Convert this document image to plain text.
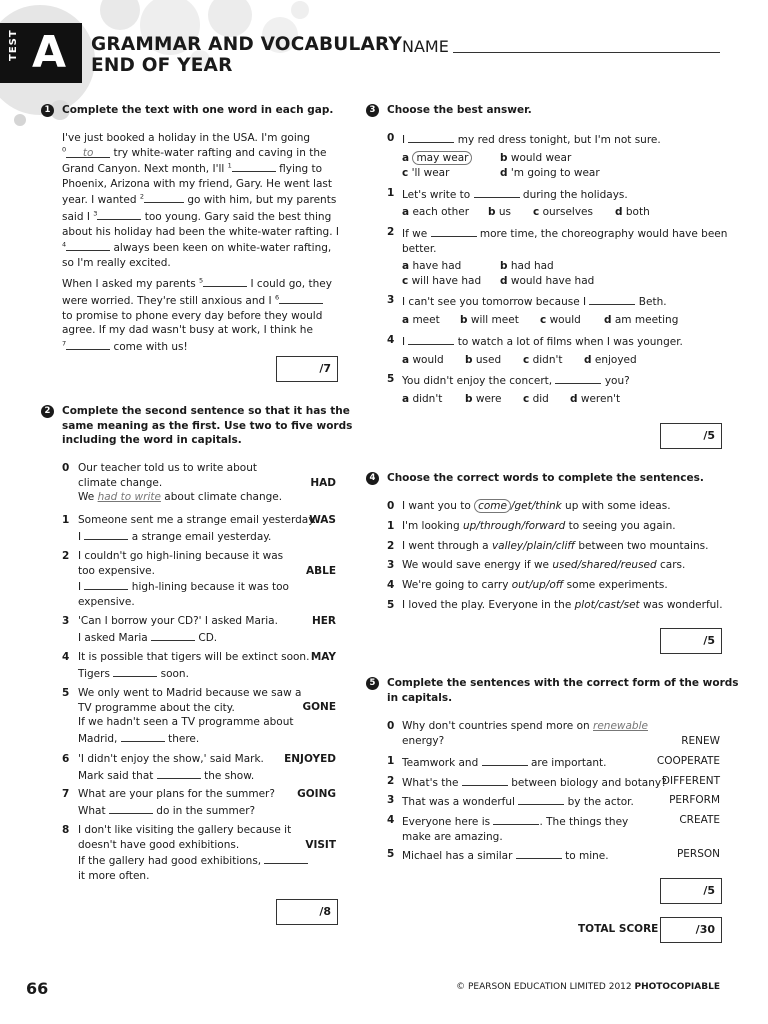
TEST A GRAMMAR AND VOCABULARY
END OF YEAR
NAME
1	Complete the text with one word in each gap.
I've just booked a holiday in the USA. I'm going
$^0$ to try white-water rafting and caving in the
Grand Canyon. Next month, I'll $^1$	flying to
Phoenix, Arizona with my friend, Gary. He went last
year. I wanted $^2$	go with him, but my parents
said I $^3$	too young. Gary said the best thing
about his holiday had been the white-water rafting. I
$^4$	always been keen on white-water rafting,
so I'm really excited.
When I asked my parents $^5$	I could go, they
were worried. They're still anxious and I $^6$
to promise to phone every day before they would
agree. If my dad wasn't busy at work, I think he
$^7$	come with us!
/7
2	Complete the second sentence so that it has the
same meaning as the first. Use two to five words
including the word in capitals.
0 Our teacher told us to write about
climate change.
We had to write about climate change.
HAD
1 Someone sent me a strange email yesterday.
I	a strange email yesterday.
WAS
2 I couldn't go high-lining because it was
too expensive.
I	high-lining because it was too
expensive.
ABLE
3 'Can I borrow your CD?' I asked Maria.
I asked Maria	CD.
HER
4 It is possible that tigers will be extinct soon.
Tigers	soon.
MAY
5 We only went to Madrid because we saw a
TV programme about the city.
If we hadn't seen a TV programme about
Madrid,	there.
GONE
6 'I didn't enjoy the show,' said Mark.
Mark said that	the show.
ENJOYED
7 What are your plans for the summer?
What	do in the summer?
GOING
8 I don't like visiting the gallery because it
doesn't have good exhibitions.
If the gallery had good exhibitions,
it more often.
VISIT
/8
3	Choose the best answer.
0 I	my red dress tonight, but I'm not sure.
a may wear	b would wear
c 'll wear	d 'm going to wear
1 Let's write to	during the holidays.
a each other b us c ourselves d both
2 If we	more time, the choreography would have been
better.
a have had	b had had
c will have had d would have had
3 I can't see you tomorrow because I	Beth.
a meet b will meet c would d am meeting
4 I	to watch a lot of films when I was younger.
a would b used c didn't d enjoyed
5 You didn't enjoy the concert,	you?
a didn't b were c did d weren't
/5
4	Choose the correct words to complete the sentences.
0 I want you to come /get/think up with some ideas.
1 I'm looking up/through/forward to seeing you again.
2 I went through a valley/plain/cliff between two mountains.
3 We would save energy if we used/shared/reused cars.
4 We're going to carry out/up/off some experiments.
5 I loved the play. Everyone in the plot/cast/set was wonderful.
/5
5	Complete the sentences with the correct form of the words
in capitals.
0 Why don't countries spend more on renewable
energy?	RENEW
1 Teamwork and	are important.	COOPERATE
2 What's the	between biology and botany?
DIFFERENT
3 That was a wonderful	by the actor.	PERFORM
4 Everyone here is	. The things they
make are amazing.
CREATE
5 Michael has a similar	to mine.	PERSON
/5
TOTAL SCORE	/30
66	© PEARSON EDUCATION LIMITED 2012 PHOTOCOPIABLE
